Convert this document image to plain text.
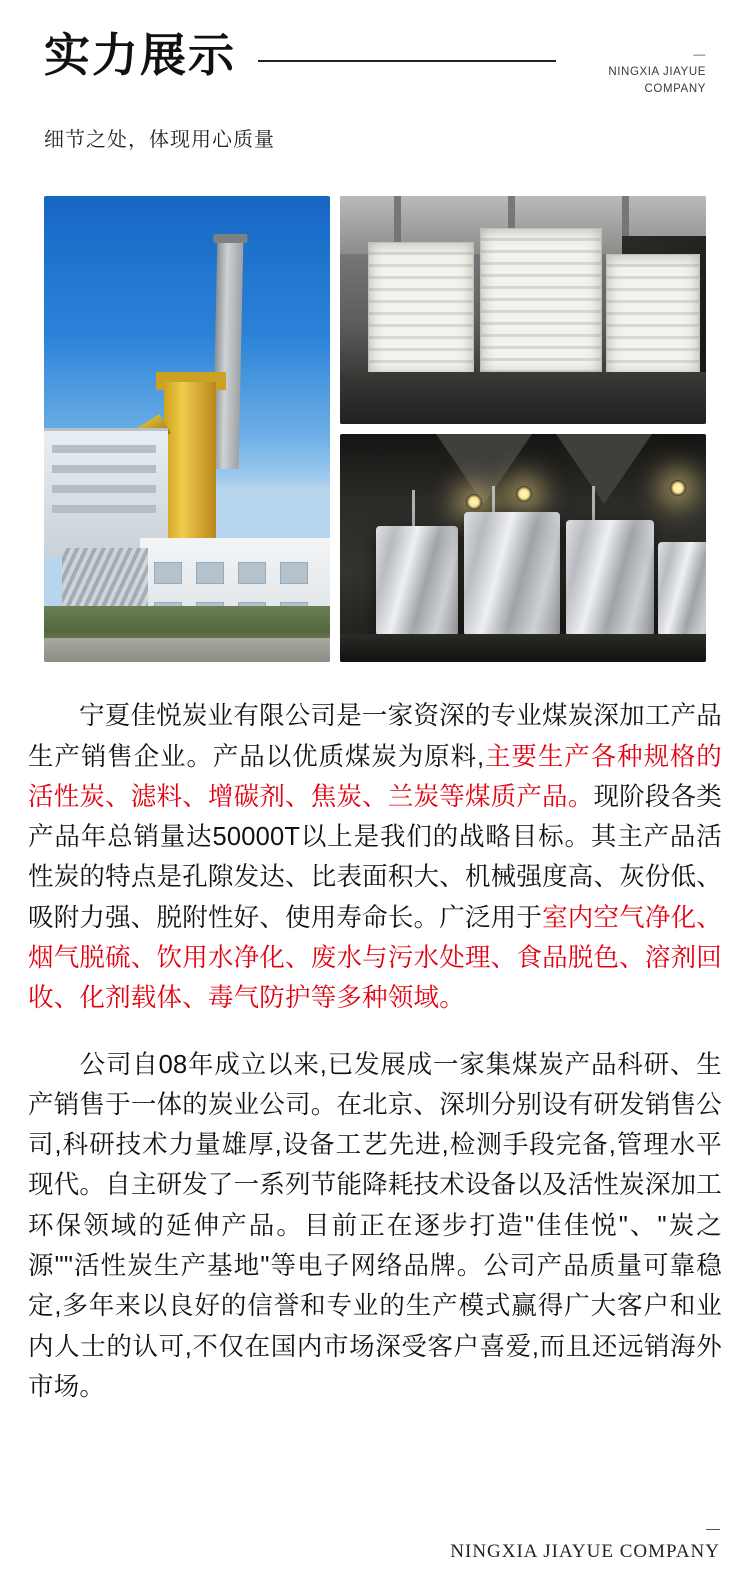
实力展示	—
NINGXIA JIAYUE
COMPANY
细节之处，体现用心质量

宁夏佳悦炭业有限公司是一家资深的专业煤炭深加工产品生产销售企业。产品以优质煤炭为原料,主要生产各种规格的活性炭、滤料、增碳剂、焦炭、兰炭等煤质产品。现阶段各类产品年总销量达50000T以上是我们的战略目标。其主产品活性炭的特点是孔隙发达、比表面积大、机械强度高、灰份低、吸附力强、脱附性好、使用寿命长。广泛用于室内空气净化、烟气脱硫、饮用水净化、废水与污水处理、食品脱色、溶剂回收、化剂载体、毒气防护等多种领域。

公司自08年成立以来,已发展成一家集煤炭产品科研、生产销售于一体的炭业公司。在北京、深圳分别设有研发销售公司,科研技术力量雄厚,设备工艺先进,检测手段完备,管理水平现代。自主研发了一系列节能降耗技术设备以及活性炭深加工环保领域的延伸产品。目前正在逐步打造"佳佳悦"、"炭之源""活性炭生产基地"等电子网络品牌。公司产品质量可靠稳定,多年来以良好的信誉和专业的生产模式赢得广大客户和业内人士的认可,不仅在国内市场深受客户喜爱,而且还远销海外市场。

—
NINGXIA JIAYUE COMPANY
